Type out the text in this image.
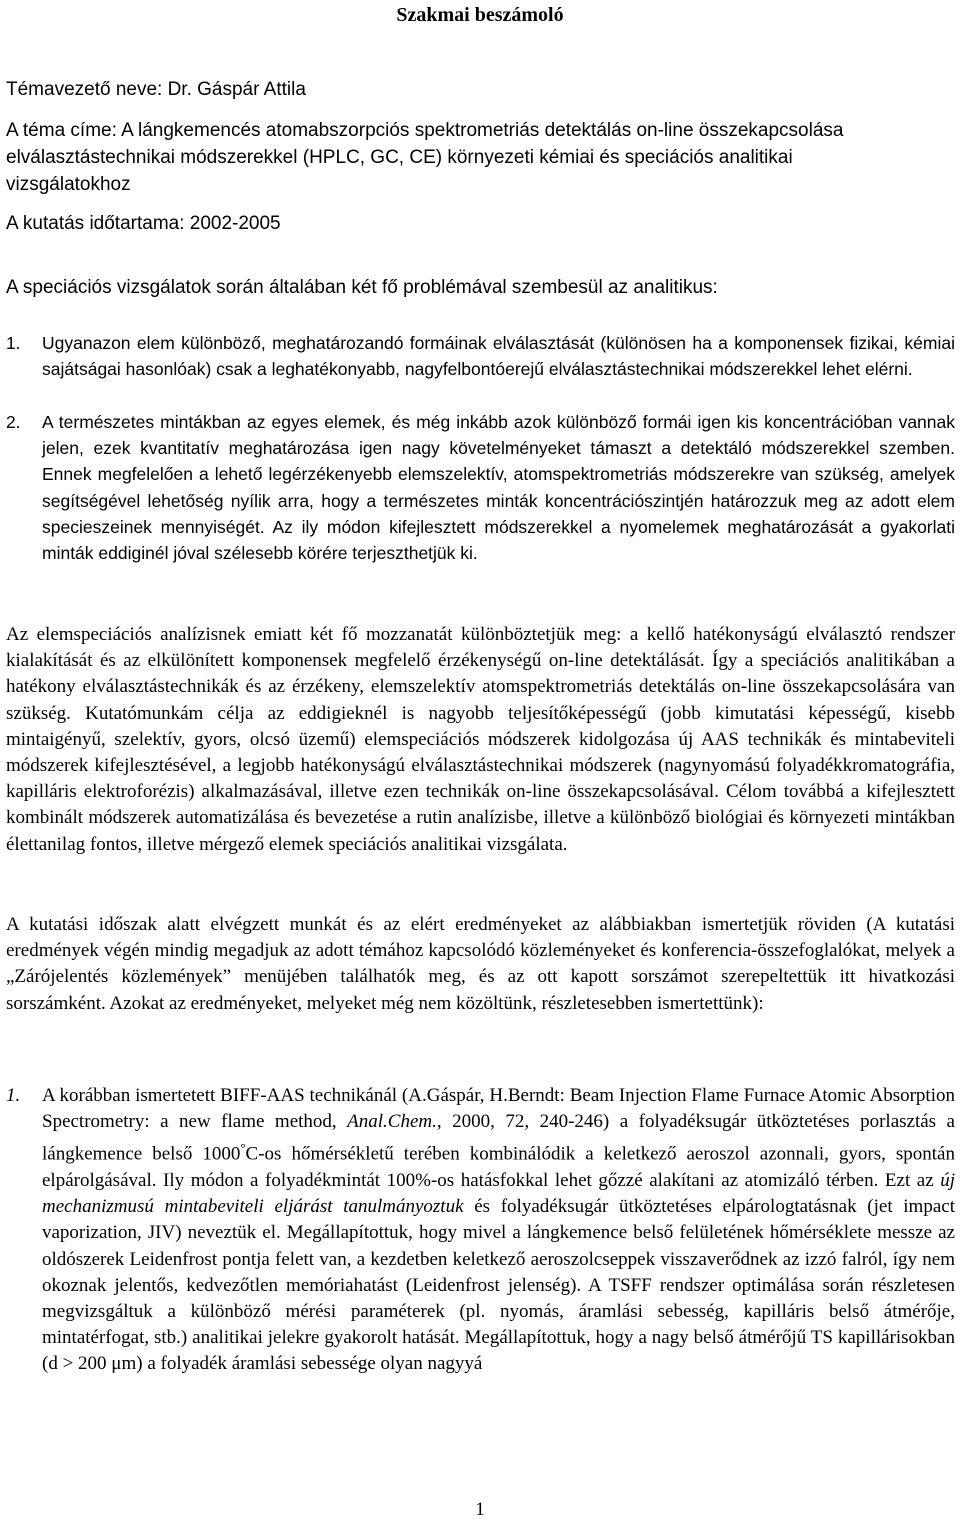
Szakmai beszámoló
Témavezető neve: Dr. Gáspár Attila
A téma címe: A lángkemencés atomabszorpciós spektrometriás detektálás on-line összekapcsolása
elválasztástechnikai módszerekkel (HPLC, GC, CE) környezeti kémiai és speciációs analitikai
vizsgálatokhoz
A kutatás időtartama: 2002-2005
A speciációs vizsgálatok során általában két fő problémával szembesül az analitikus:
1. Ugyanazon elem különböző, meghatározandó formáinak elválasztását (különösen ha a komponensek fizikai, kémiai sajátságai hasonlóak) csak a leghatékonyabb, nagyfelbontóerejű elválasztástechnikai módszerekkel lehet elérni.
2. A természetes mintákban az egyes elemek, és még inkább azok különböző formái igen kis koncentrációban vannak jelen, ezek kvantitatív meghatározása igen nagy követelményeket támaszt a detektáló módszerekkel szemben. Ennek megfelelően a lehető legérzékenyebb elemszelektív, atomspektrometriás módszerekre van szükség, amelyek segítségével lehetőség nyílik arra, hogy a természetes minták koncentrációszintjén határozzuk meg az adott elem specieszeinek mennyiségét. Az ily módon kifejlesztett módszerekkel a nyomelemek meghatározását a gyakorlati minták eddiginél jóval szélesebb körére terjeszthetjük ki.
Az elemspeciációs analízisnek emiatt két fő mozzanatát különböztetjük meg: a kellő hatékonyságú elválasztó rendszer kialakítását és az elkülönített komponensek megfelelő érzékenységű on-line detektálását. Így a speciációs analitikában a hatékony elválasztástechnikák és az érzékeny, elemszelektív atomspektrometriás detektálás on-line összekapcsolására van szükség. Kutatómunkám célja az eddigieknél is nagyobb teljesítőképességű (jobb kimutatási képességű, kisebb mintaigényű, szelektív, gyors, olcsó üzemű) elemspeciációs módszerek kidolgozása új AAS technikák és mintabeviteli módszerek kifejlesztésével, a legjobb hatékonyságú elválasztástechnikai módszerek (nagynyomású folyadékkromatográfia, kapilláris elektroforézis) alkalmazásával, illetve ezen technikák on-line összekapcsolásával. Célom továbbá a kifejlesztett kombinált módszerek automatizálása és bevezetése a rutin analízisbe, illetve a különböző biológiai és környezeti mintákban élettanilag fontos, illetve mérgező elemek speciációs analitikai vizsgálata.
A kutatási időszak alatt elvégzett munkát és az elért eredményeket az alábbiakban ismertetjük röviden (A kutatási eredmények végén mindig megadjuk az adott témához kapcsolódó közleményeket és konferencia-összefoglalókat, melyek a „Zárójelentés közlemények” menüjében találhatók meg, és az ott kapott sorszámot szerepeltettük itt hivatkozási sorszámként. Azokat az eredményeket, melyeket még nem közöltünk, részletesebben ismertettünk):
1. A korábban ismertetett BIFF-AAS technikánál (A.Gáspár, H.Berndt: Beam Injection Flame Furnace Atomic Absorption Spectrometry: a new flame method, Anal.Chem., 2000, 72, 240-246) a folyadéksugár ütköztetéses porlasztás a lángkemence belső 1000°C-os hőmérsékletű terében kombinálódik a keletkező aeroszol azonnali, gyors, spontán elpárolgásával. Ily módon a folyadékmintát 100%-os hatásfokkal lehet gőzzé alakítani az atomizáló térben. Ezt az új mechanizmusú mintabeviteli eljárást tanulmányoztuk és folyadéksugár ütköztetéses elpárologtatásnak (jet impact vaporization, JIV) neveztük el. Megállapítottuk, hogy mivel a lángkemence belső felületének hőmérséklete messze az oldószerek Leidenfrost pontja felett van, a kezdetben keletkező aeroszolcseppek visszaverődnek az izzó falról, így nem okoznak jelentős, kedvezőtlen memóriahatást (Leidenfrost jelenség). A TSFF rendszer optimálása során részletesen megvizsgáltuk a különböző mérési paraméterek (pl. nyomás, áramlási sebesség, kapilláris belső átmérője, mintatérfogat, stb.) analitikai jelekre gyakorolt hatását. Megállapítottuk, hogy a nagy belső átmérőjű TS kapillárisokban (d > 200 μm) a folyadék áramlási sebessége olyan nagyyá
1
